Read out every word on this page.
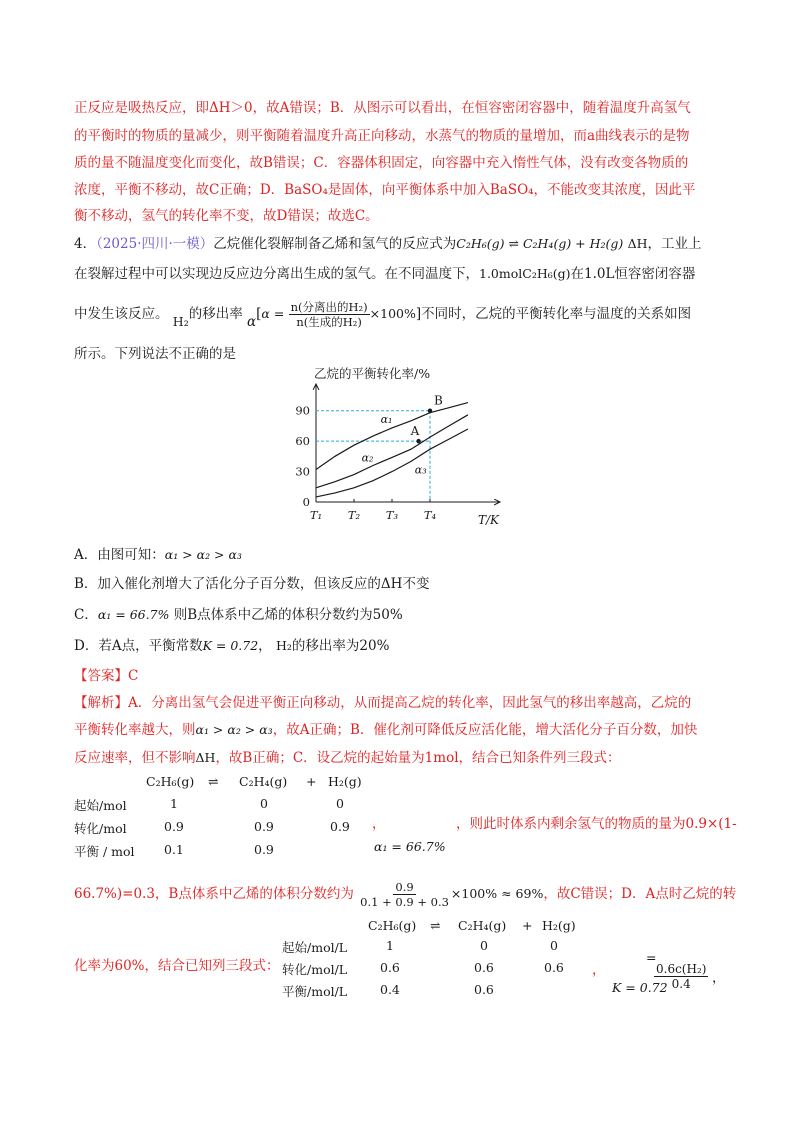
正反应是吸热反应，即ΔH＞0，故A错误；B．从图示可以看出，在恒容密闭容器中，随着温度升高氢气
的平衡时的物质的量减少，则平衡随着温度升高正向移动，水蒸气的物质的量增加，而a曲线表示的是物
质的量不随温度变化而变化，故B错误；C．容器体积固定，向容器中充入惰性气体，没有改变各物质的
浓度，平衡不移动，故C正确；D．BaSO₄是固体，向平衡体系中加入BaSO₄，不能改变其浓度，因此平
衡不移动，氢气的转化率不变，故D错误；故选C。
4．（2025·四川·一模）乙烷催化裂解制备乙烯和氢气的反应式为C₂H₆(g) ⇌ C₂H₄(g) + H₂(g) ΔH，工业上
在裂解过程中可以实现边反应边分离出生成的氢气。在不同温度下，1.0molC₂H₆(g)在1.0L恒容密闭容器
中发生该反应。 H₂的移出率 $\alpha[\alpha = \frac{\text{n(分离出的H₂)}}{\text{n(生成的H₂)}} \times 100\%]$不同时，乙烷的平衡转化率与温度的关系如图
所示。下列说法不正确的是
乙烷的平衡转化率/%
α₁
α₂
α₃
0
30
60
90
T₁ T₂ T₃ T₄
A
B
T/K
A．由图可知：α₁ > α₂ > α₃
B．加入催化剂增大了活化分子百分数，但该反应的ΔH不变
C．α₁ = 66.7% 则B点体系中乙烯的体积分数约为50%
D．若A点，平衡常数K = 0.72， H₂的移出率为20%
【答案】C
【解析】A．分离出氢气会促进平衡正向移动，从而提高乙烷的转化率，因此氢气的移出率越高，乙烷的
平衡转化率越大，则α₁ > α₂ > α₃，故A正确；B．催化剂可降低反应活化能，增大活化分子百分数，加快
反应速率，但不影响ΔH，故B正确；C．设乙烷的起始量为1mol，结合已知条件列三段式：
C₂H₆(g) ⇌ C₂H₄(g) + H₂(g)
起始/mol	1	0	0
转化/mol	0.9	0.9	0.9
平衡 / mol 0.1	0.9
，	，则此时体系内剩余氢气的物质的量为0.9×(1-
α₁ = 66.7%
66.7%)=0.3，B点体系中乙烯的体积分数约为 $\frac{0.9}{0.1 + 0.9 + 0.3} \times 100\% \approx 69\%$，故C错误；D．A点时乙烷的转
C₂H₆(g) ⇌ C₂H₄(g) + H₂(g)
起始/mol/L	1	0	0
转化/mol/L	0.6	0.6	0.6
平衡/mol/L	0.4	0.6
化率为60%，结合已知列三段式：	，
=
K = 0.72
$\frac{\text{0.6c(H₂)}}{0.4}$ ，
